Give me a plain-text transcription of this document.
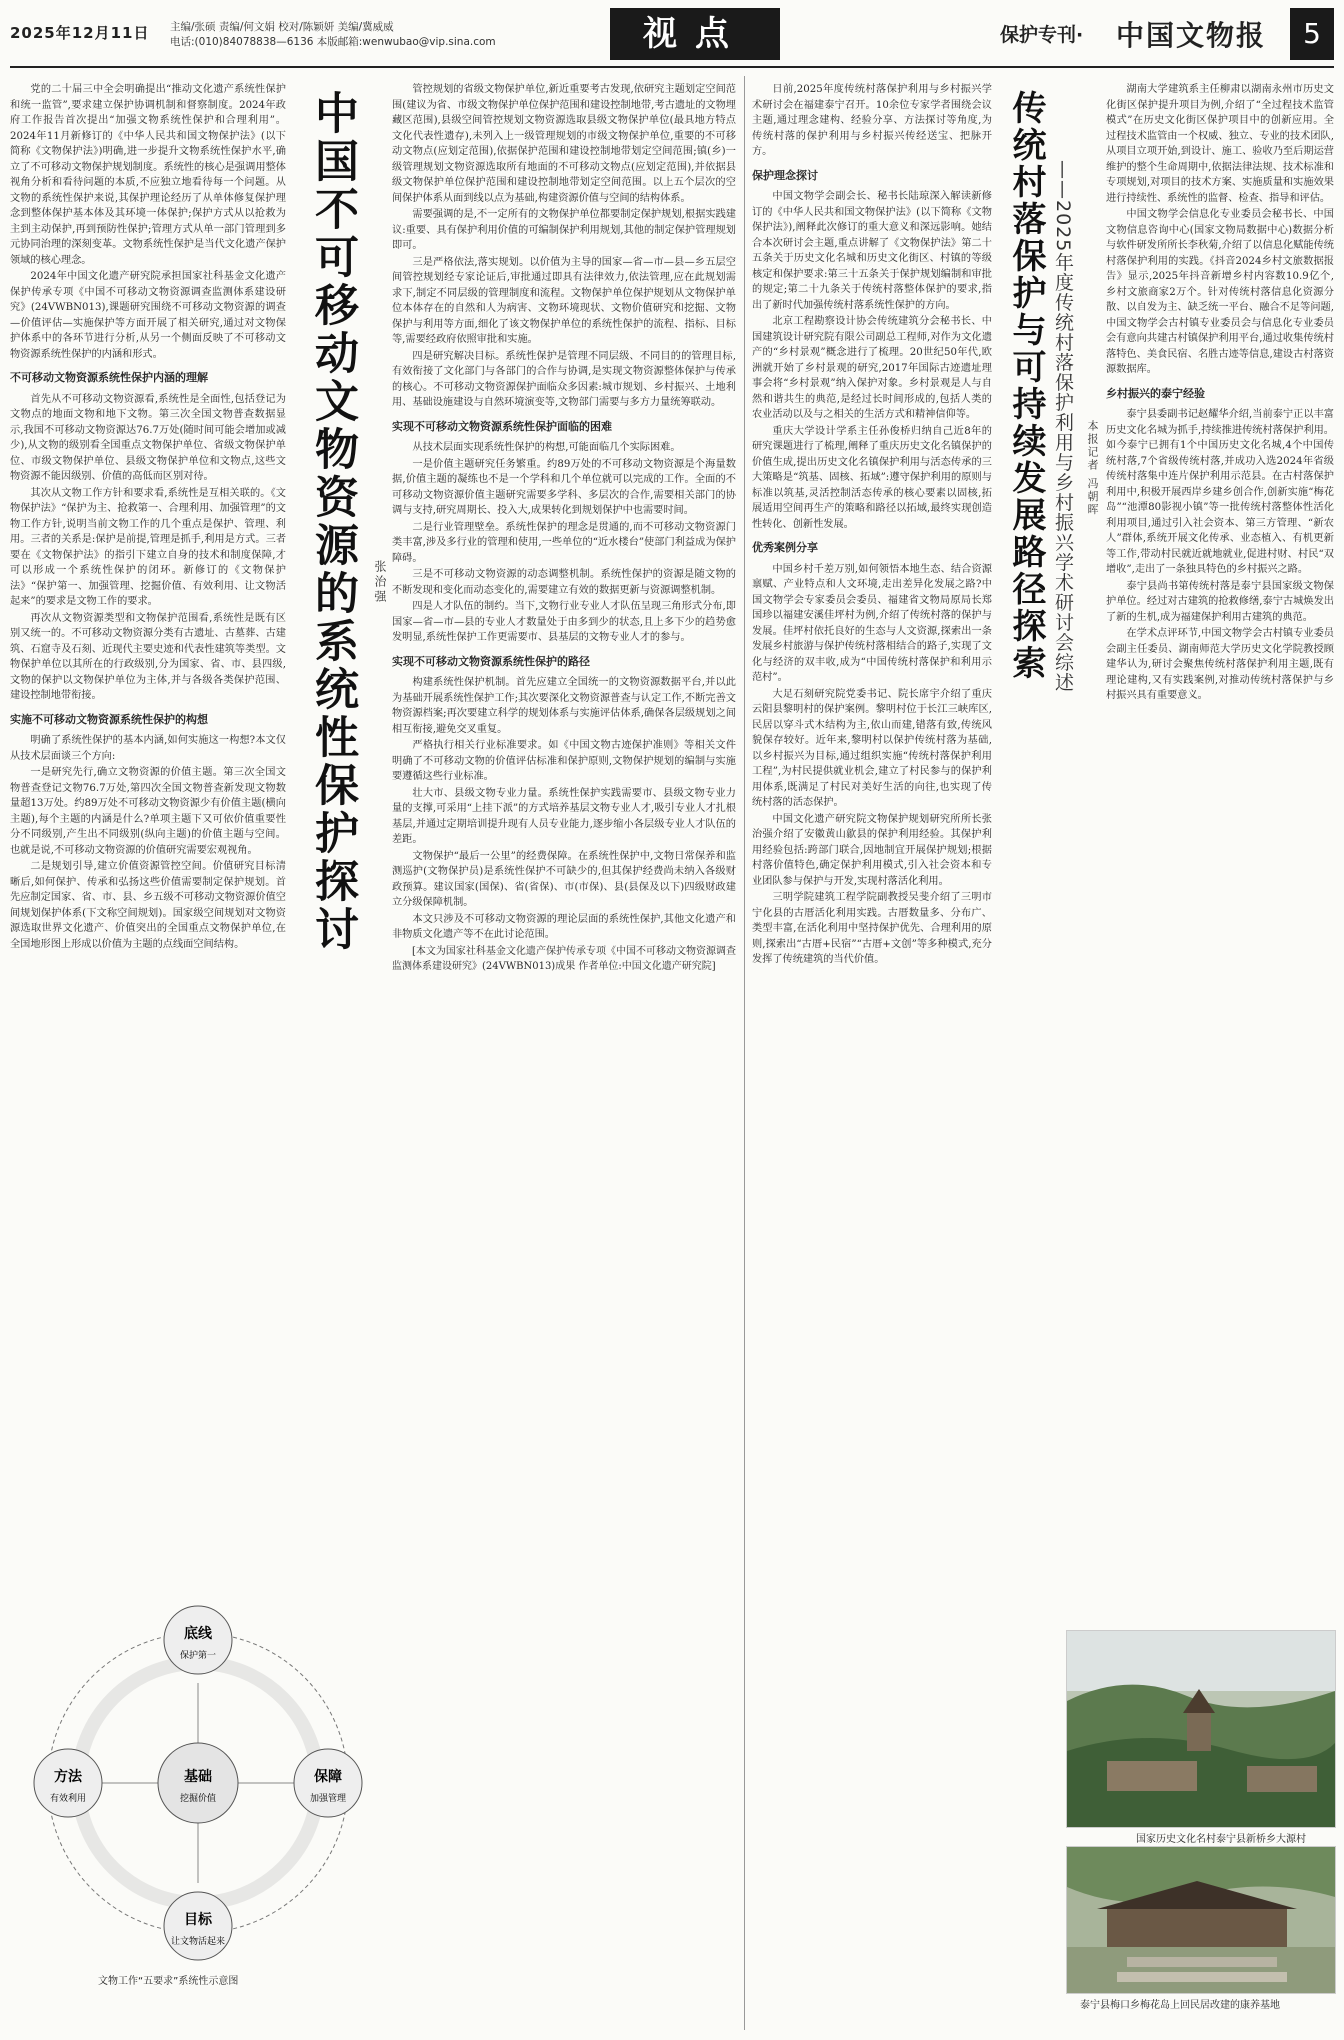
2025年12月11日 主编/张硕 责编/何文娟 校对/陈颖妍 美编/冀威威
电话:(010)84078838—6136 本版邮箱:wenwubao@vip.sina.com	视点	保护专刊· 中国文物报	5

党的二十届三中全会明确提出“推动文化遗产系统性保护和统一监管”,要求建立保护协调机制和督察制度。2024年政府工作报告首次提出“加强文物系统性保护和合理利用”。2024年11月新修订的《中华人民共和国文物保护法》(以下简称《文物保护法》)明确,进一步提升文物系统性保护水平,确立了不可移动文物保护规划制度。系统性的核心是强调用整体视角分析和看待问题的本质,不应独立地看待每一个问题。从文物的系统性保护来说,其保护理论经历了从单体修复保护理念到整体保护基本体及其环境一体保护;保护方式从以抢救为主到主动保护,再到预防性保护;管理方式从单一部门管理到多元协同治理的深刻变革。文物系统性保护是当代文化遗产保护领域的核心理念。

2024年中国文化遗产研究院承担国家社科基金文化遗产保护传承专项《中国不可移动文物资源调查监测体系建设研究》(24VWBN013),课题研究围绕不可移动文物资源的调查—价值评估—实施保护等方面开展了相关研究,通过对文物保护体系中的各环节进行分析,从另一个侧面反映了不可移动文物资源系统性保护的内涵和形式。

不可移动文物资源系统性保护内涵的理解

首先从不可移动文物资源看,系统性是全面性,包括登记为文物点的地面文物和地下文物。第三次全国文物普查数据显示,我国不可移动文物资源达76.7万处(随时间可能会增加或减少),从文物的级别看全国重点文物保护单位、省级文物保护单位、市级文物保护单位、县级文物保护单位和文物点,这些文物资源不能因级别、价值的高低而区别对待。

其次从文物工作方针和要求看,系统性是互相关联的。《文物保护法》“保护为主、抢救第一、合理利用、加强管理”的文物工作方针,说明当前文物工作的几个重点是保护、管理、利用。三者的关系是:保护是前提,管理是抓手,利用是方式。三者要在《文物保护法》的指引下建立自身的技术和制度保障,才可以形成一个系统性保护的闭环。新修订的《文物保护法》“保护第一、加强管理、挖掘价值、有效利用、让文物活起来”的要求是文物工作的要求。

再次从文物资源类型和文物保护范围看,系统性是既有区别又统一的。不可移动文物资源分类有古遗址、古墓葬、古建筑、石窟寺及石刻、近现代主要史迹和代表性建筑等类型。文物保护单位以其所在的行政级别,分为国家、省、市、县四级,文物的保护以文物保护单位为主体,并与各级各类保护范围、建设控制地带衔接。

实施不可移动文物资源系统性保护的构想

明确了系统性保护的基本内涵,如何实施这一构想?本文仅从技术层面谈三个方向:

一是研究先行,确立文物资源的价值主题。第三次全国文物普查登记文物76.7万处,第四次全国文物普查新发现文物数量超13万处。约89万处不可移动文物资源少有价值主题(横向主题),每个主题的内涵是什么?单项主题下又可依价值重要性分不同级别,产生出不同级别(纵向主题)的价值主题与空间。也就是说,不可移动文物资源的价值研究需要宏观视角。

二是规划引导,建立价值资源管控空间。价值研究目标清晰后,如何保护、传承和弘扬这些价值需要制定保护规划。首先应制定国家、省、市、县、乡五级不可移动文物资源价值空间规划保护体系(下文称空间规划)。国家级空间规划对文物资源选取世界文化遗产、价值突出的全国重点文物保护单位,在全国地形图上形成以价值为主题的点线面空间结构。	中国不可移动文物资源的系统性保护探讨	张治强

管控规划的省级文物保护单位,新近重要考古发现,依研究主题划定空间范围(建议为省、市级文物保护单位保护范围和建设控制地带,考古遗址的文物埋藏区范围),县级空间管控规划文物资源选取县级文物保护单位(最具地方特点文化代表性遗存),未列入上一级管理规划的市级文物保护单位,重要的不可移动文物点(应划定范围),依据保护范围和建设控制地带划定空间范围;镇(乡)一级管理规划文物资源选取所有地面的不可移动文物点(应划定范围),并依据县级文物保护单位保护范围和建设控制地带划定空间范围。以上五个层次的空间保护体系从面到线以点为基础,构建资源价值与空间的结构体系。

需要强调的是,不一定所有的文物保护单位都要制定保护规划,根据实践建议:重要、具有保护利用价值的可编制保护利用规划,其他的制定保护管理规划即可。

三是严格依法,落实规划。以价值为主导的国家—省—市—县—乡五层空间管控规划经专家论证后,审批通过即具有法律效力,依法管理,应在此规划需求下,制定不同层级的管理制度和流程。文物保护单位保护规划从文物保护单位本体存在的自然和人为病害、文物环境现状、文物价值研究和挖掘、文物保护与利用等方面,细化了该文物保护单位的系统性保护的流程、指标、目标等,需要经政府依照审批和实施。

四是研究解决目标。系统性保护是管理不同层级、不同目的的管理目标,有效衔接了文化部门与各部门的合作与协调,是实现文物资源整体保护与传承的核心。不可移动文物资源保护面临众多因素:城市规划、乡村振兴、土地利用、基础设施建设与自然环境演变等,文物部门需要与多方力量统筹联动。

实现不可移动文物资源系统性保护面临的困难

从技术层面实现系统性保护的构想,可能面临几个实际困难。

一是价值主题研究任务繁重。约89万处的不可移动文物资源是个海量数据,价值主题的凝练也不是一个学科和几个单位就可以完成的工作。全面的不可移动文物资源价值主题研究需要多学科、多层次的合作,需要相关部门的协调与支持,研究周期长、投入大,成果转化到规划保护中也需要时间。

二是行业管理壁垒。系统性保护的理念是贯通的,而不可移动文物资源门类丰富,涉及多行业的管理和使用,一些单位的“近水楼台”使部门利益成为保护障碍。

三是不可移动文物资源的动态调整机制。系统性保护的资源是随文物的不断发现和变化而动态变化的,需要建立有效的数据更新与资源调整机制。

四是人才队伍的制约。当下,文物行业专业人才队伍呈现三角形式分布,即国家—省—市—县的专业人才数量处于由多到少的状态,且上多下少的趋势愈发明显,系统性保护工作更需要市、县基层的文物专业人才的参与。

实现不可移动文物资源系统性保护的路径

构建系统性保护机制。首先应建立全国统一的文物资源数据平台,并以此为基础开展系统性保护工作;其次要深化文物资源普查与认定工作,不断完善文物资源档案;再次要建立科学的规划体系与实施评估体系,确保各层级规划之间相互衔接,避免交叉重复。

严格执行相关行业标准要求。如《中国文物古迹保护准则》等相关文件明确了不可移动文物的价值评估标准和保护原则,文物保护规划的编制与实施要遵循这些行业标准。

壮大市、县级文物专业力量。系统性保护实践需要市、县级文物专业力量的支撑,可采用“上挂下派”的方式培养基层文物专业人才,吸引专业人才扎根基层,并通过定期培训提升现有人员专业能力,逐步缩小各层级专业人才队伍的差距。

文物保护“最后一公里”的经费保障。在系统性保护中,文物日常保养和监测巡护(文物保护员)是系统性保护不可缺少的,但其保护经费尚未纳入各级财政预算。建议国家(国保)、省(省保)、市(市保)、县(县保及以下)四级财政建立分级保障机制。

本文只涉及不可移动文物资源的理论层面的系统性保护,其他文化遗产和非物质文化遗产等不在此讨论范围。

[本文为国家社科基金文化遗产保护传承专项《中国不可移动文物资源调查监测体系建设研究》(24VWBN013)成果 作者单位:中国文化遗产研究院]

底线
保护第一
方法
有效利用
基础
挖掘价值
保障
加强管理
目标
让文物活起来
文物工作“五要求”系统性示意图

日前,2025年度传统村落保护利用与乡村振兴学术研讨会在福建泰宁召开。10余位专家学者围绕会议主题,通过理念建构、经验分享、方法探讨等角度,为传统村落的保护利用与乡村振兴传经送宝、把脉开方。

保护理念探讨

中国文物学会副会长、秘书长陆琼深入解读新修订的《中华人民共和国文物保护法》(以下简称《文物保护法》),阐释此次修订的重大意义和深远影响。她结合本次研讨会主题,重点讲解了《文物保护法》第二十五条关于历史文化名城和历史文化街区、村镇的等级核定和保护要求:第三十五条关于保护规划编制和审批的规定;第二十九条关于传统村落整体保护的要求,指出了新时代加强传统村落系统性保护的方向。

北京工程勘察设计协会传统建筑分会秘书长、中国建筑设计研究院有限公司副总工程师,对作为文化遗产的“乡村景观”概念进行了梳理。20世纪50年代,欧洲就开始了乡村景观的研究,2017年国际古迹遗址理事会将“乡村景观”纳入保护对象。乡村景观是人与自然和谐共生的典范,是经过长时间形成的,包括人类的农业活动以及与之相关的生活方式和精神信仰等。

重庆大学设计学系主任孙俊桥归纳自己近8年的研究课题进行了梳理,阐释了重庆历史文化名镇保护的价值生成,提出历史文化名镇保护利用与活态传承的三大策略是“筑基、固核、拓域”:遵守保护利用的原则与标准以筑基,灵活控制活态传承的核心要素以固核,拓展适用空间再生产的策略和路径以拓域,最终实现创造性转化、创新性发展。

优秀案例分享

中国乡村千差万别,如何领悟本地生态、结合资源禀赋、产业特点和人文环境,走出差异化发展之路?中国文物学会专家委员会委员、福建省文物局原局长郑国珍以福建安溪佳坪村为例,介绍了传统村落的保护与发展。佳坪村依托良好的生态与人文资源,探索出一条发展乡村旅游与保护传统村落相结合的路子,实现了文化与经济的双丰收,成为“中国传统村落保护和利用示范村”。

大足石刻研究院党委书记、院长席宇介绍了重庆云阳县黎明村的保护案例。黎明村位于长江三峡库区,民居以穿斗式木结构为主,依山而建,错落有致,传统风貌保存较好。近年来,黎明村以保护传统村落为基础,以乡村振兴为目标,通过组织实施“传统村落保护利用工程”,为村民提供就业机会,建立了村民参与的保护利用体系,既满足了村民对美好生活的向往,也实现了传统村落的活态保护。

中国文化遗产研究院文物保护规划研究所所长张治强介绍了安徽黄山歙县的保护利用经验。其保护利用经验包括:跨部门联合,因地制宜开展保护规划;根据村落价值特色,确定保护利用模式,引入社会资本和专业团队参与保护与开发,实现村落活化利用。

三明学院建筑工程学院副教授吴斐介绍了三明市宁化县的古厝活化利用实践。古厝数量多、分布广、类型丰富,在活化利用中坚持保护优先、合理利用的原则,探索出“古厝+民宿”“古厝+文创”等多种模式,充分发挥了传统建筑的当代价值。

传统村落保护与可持续发展路径探索 ——2025年度传统村落保护利用与乡村振兴学术研讨会综述 本报记者 冯朝晖

湖南大学建筑系主任柳肃以湖南永州市历史文化街区保护提升项目为例,介绍了“全过程技术监管模式”在历史文化街区保护项目中的创新应用。全过程技术监管由一个权威、独立、专业的技术团队,从项目立项开始,到设计、施工、验收乃至后期运营维护的整个生命周期中,依据法律法规、技术标准和专项规划,对项目的技术方案、实施质量和实施效果进行持续性、系统性的监督、检查、指导和评估。

中国文物学会信息化专业委员会秘书长、中国文物信息咨询中心(国家文物局数据中心)数据分析与软件研发所所长李秋菊,介绍了以信息化赋能传统村落保护利用的实践。《抖音2024乡村文旅数据报告》显示,2025年抖音新增乡村内容数10.9亿个,乡村文旅商家2万个。针对传统村落信息化资源分散、以自发为主、缺乏统一平台、融合不足等问题,中国文物学会古村镇专业委员会与信息化专业委员会有意向共建古村镇保护利用平台,通过收集传统村落特色、美食民宿、名胜古迹等信息,建设古村落资源数据库。

乡村振兴的泰宁经验

泰宁县委副书记赵耀华介绍,当前泰宁正以丰富历史文化名城为抓手,持续推进传统村落保护利用。如今泰宁已拥有1个中国历史文化名城,4个中国传统村落,7个省级传统村落,并成功入选2024年省级传统村落集中连片保护利用示范县。在古村落保护利用中,积极开展西岸乡建乡创合作,创新实施“梅花岛”“池潭80影视小镇”等一批传统村落整体性活化利用项目,通过引入社会资本、第三方管理、“新农人”群体,系统开展文化传承、业态植入、有机更新等工作,带动村民就近就地就业,促进村财、村民“双增收”,走出了一条独具特色的乡村振兴之路。

泰宁县尚书第传统村落是泰宁县国家级文物保护单位。经过对古建筑的抢救修缮,泰宁古城焕发出了新的生机,成为福建保护利用古建筑的典范。

在学术点评环节,中国文物学会古村镇专业委员会副主任委员、湖南师范大学历史文化学院教授顾建华认为,研讨会聚焦传统村落保护利用主题,既有理论建构,又有实践案例,对推动传统村落保护与乡村振兴具有重要意义。

国家历史文化名村泰宁县新桥乡大源村
泰宁县梅口乡梅花岛上回民居改建的康养基地
